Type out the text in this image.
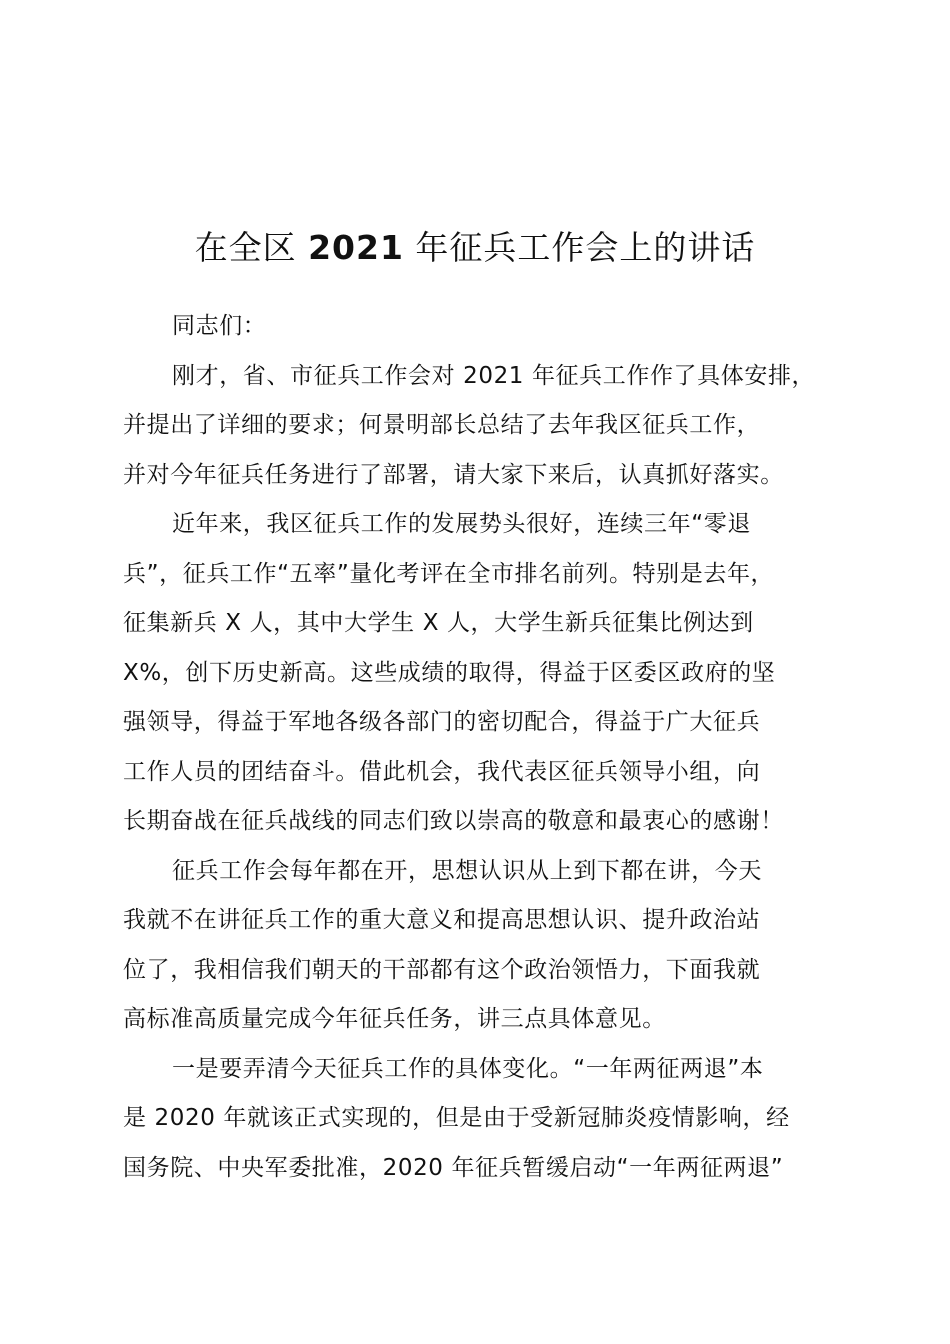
在全区 2021 年征兵工作会上的讲话
同志们：
刚才，省、市征兵工作会对 2021 年征兵工作作了具体安排，
并提出了详细的要求；何景明部长总结了去年我区征兵工作，
并对今年征兵任务进行了部署，请大家下来后，认真抓好落实。
近年来，我区征兵工作的发展势头很好，连续三年“零退
兵”，征兵工作“五率”量化考评在全市排名前列。特别是去年，
征集新兵 X 人，其中大学生 X 人，大学生新兵征集比例达到
X%，创下历史新高。这些成绩的取得，得益于区委区政府的坚
强领导，得益于军地各级各部门的密切配合，得益于广大征兵
工作人员的团结奋斗。借此机会，我代表区征兵领导小组，向
长期奋战在征兵战线的同志们致以崇高的敬意和最衷心的感谢！
征兵工作会每年都在开，思想认识从上到下都在讲，今天
我就不在讲征兵工作的重大意义和提高思想认识、提升政治站
位了，我相信我们朝天的干部都有这个政治领悟力，下面我就
高标准高质量完成今年征兵任务，讲三点具体意见。
一是要弄清今天征兵工作的具体变化。“一年两征两退”本
是 2020 年就该正式实现的，但是由于受新冠肺炎疫情影响，经
国务院、中央军委批准，2020 年征兵暂缓启动“一年两征两退”
